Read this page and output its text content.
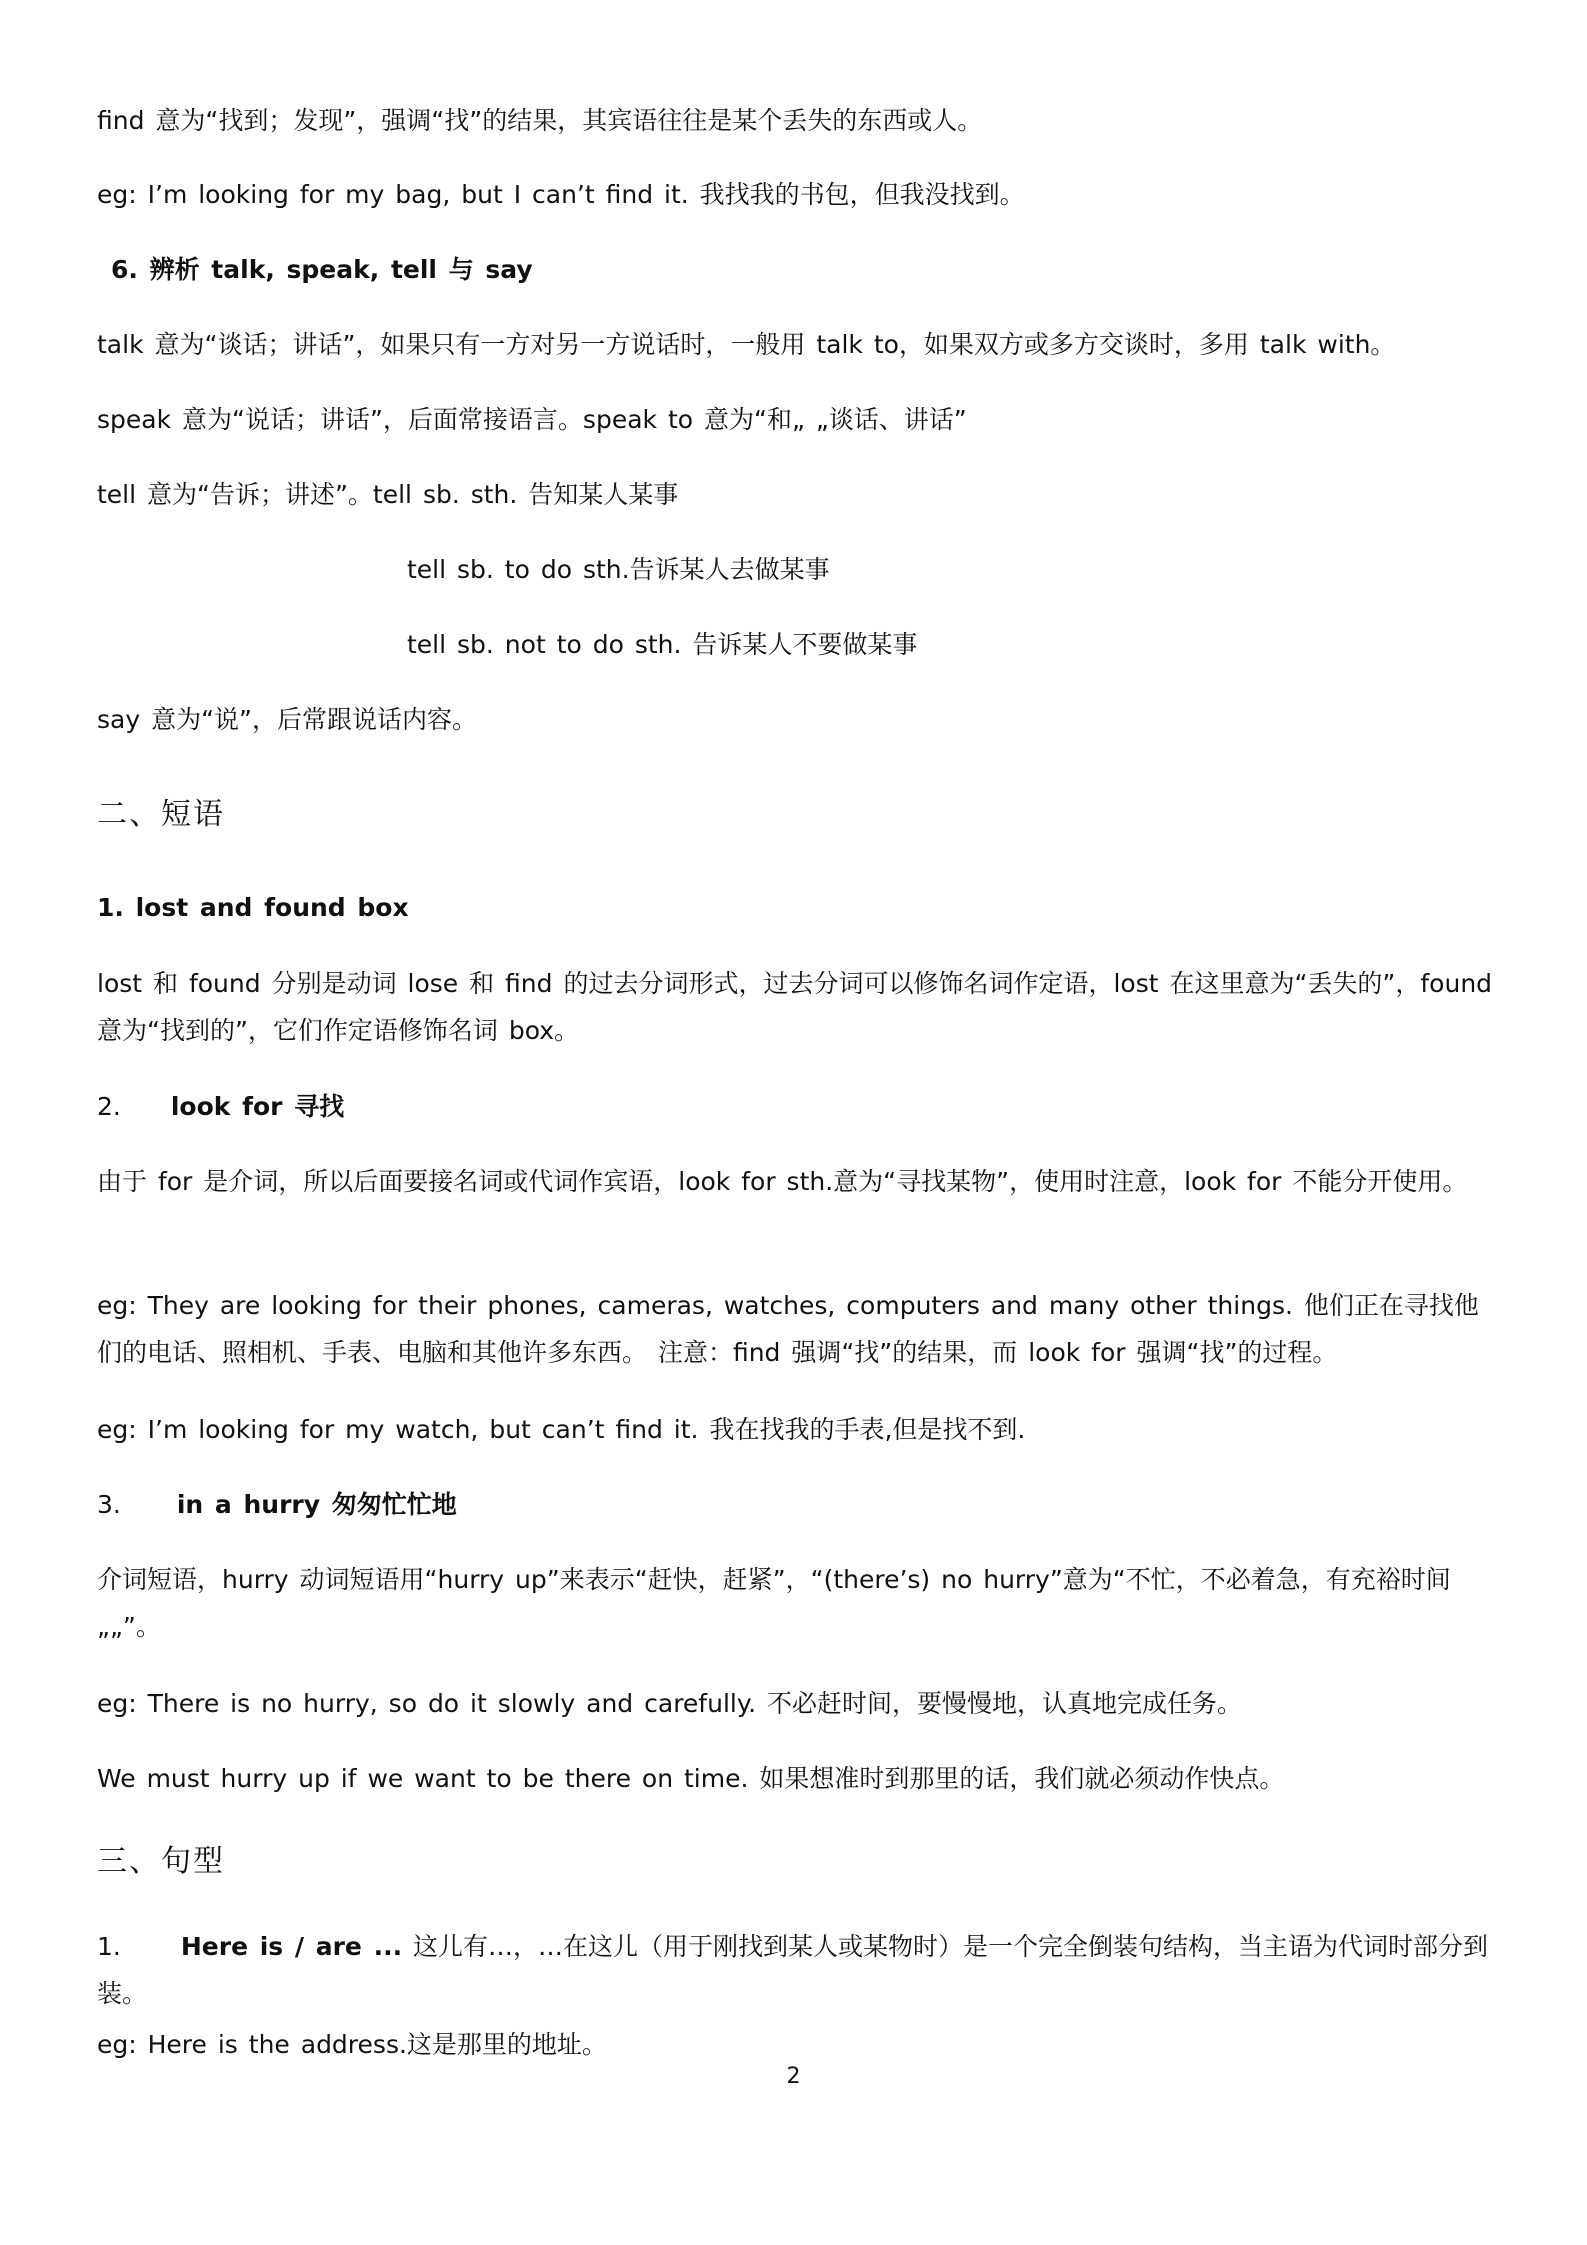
find 意为“找到；发现”，强调“找”的结果，其宾语往往是某个丢失的东西或人。
eg: I’m looking for my bag, but I can’t find it. 我找我的书包，但我没找到。
6. 辨析 talk, speak, tell 与 say
talk 意为“谈话；讲话”，如果只有一方对另一方说话时，一般用 talk to，如果双方或多方交谈时，多用 talk with。
speak 意为“说话；讲话”，后面常接语言。speak to 意为“和„ „谈话、讲话”
tell 意为“告诉；讲述”。tell sb. sth. 告知某人某事
tell sb. to do sth.告诉某人去做某事
tell sb. not to do sth. 告诉某人不要做某事
say 意为“说”，后常跟说话内容。
二、短语
1. lost and found box
lost 和 found 分别是动词 lose 和 find 的过去分词形式，过去分词可以修饰名词作定语，lost 在这里意为“丢失的”，found 意为“找到的”，它们作定语修饰名词 box。
2. look for 寻找
由于 for 是介词，所以后面要接名词或代词作宾语，look for sth.意为“寻找某物”，使用时注意，look for 不能分开使用。
eg: They are looking for their phones, cameras, watches, computers and many other things. 他们正在寻找他们的电话、照相机、手表、电脑和其他许多东西。 注意：find 强调“找”的结果，而 look for 强调“找”的过程。
eg: I’m looking for my watch, but can’t find it. 我在找我的手表,但是找不到.
3. in a hurry 匆匆忙忙地
介词短语，hurry 动词短语用“hurry up”来表示“赶快，赶紧”，“(there’s) no hurry”意为“不忙，不必着急，有充裕时间„„”。
eg: There is no hurry, so do it slowly and carefully. 不必赶时间，要慢慢地，认真地完成任务。
We must hurry up if we want to be there on time. 如果想准时到那里的话，我们就必须动作快点。
三、句型
1. Here is / are ... 这儿有…，…在这儿（用于刚找到某人或某物时）是一个完全倒装句结构，当主语为代词时部分到装。
eg: Here is the address.这是那里的地址。
2
